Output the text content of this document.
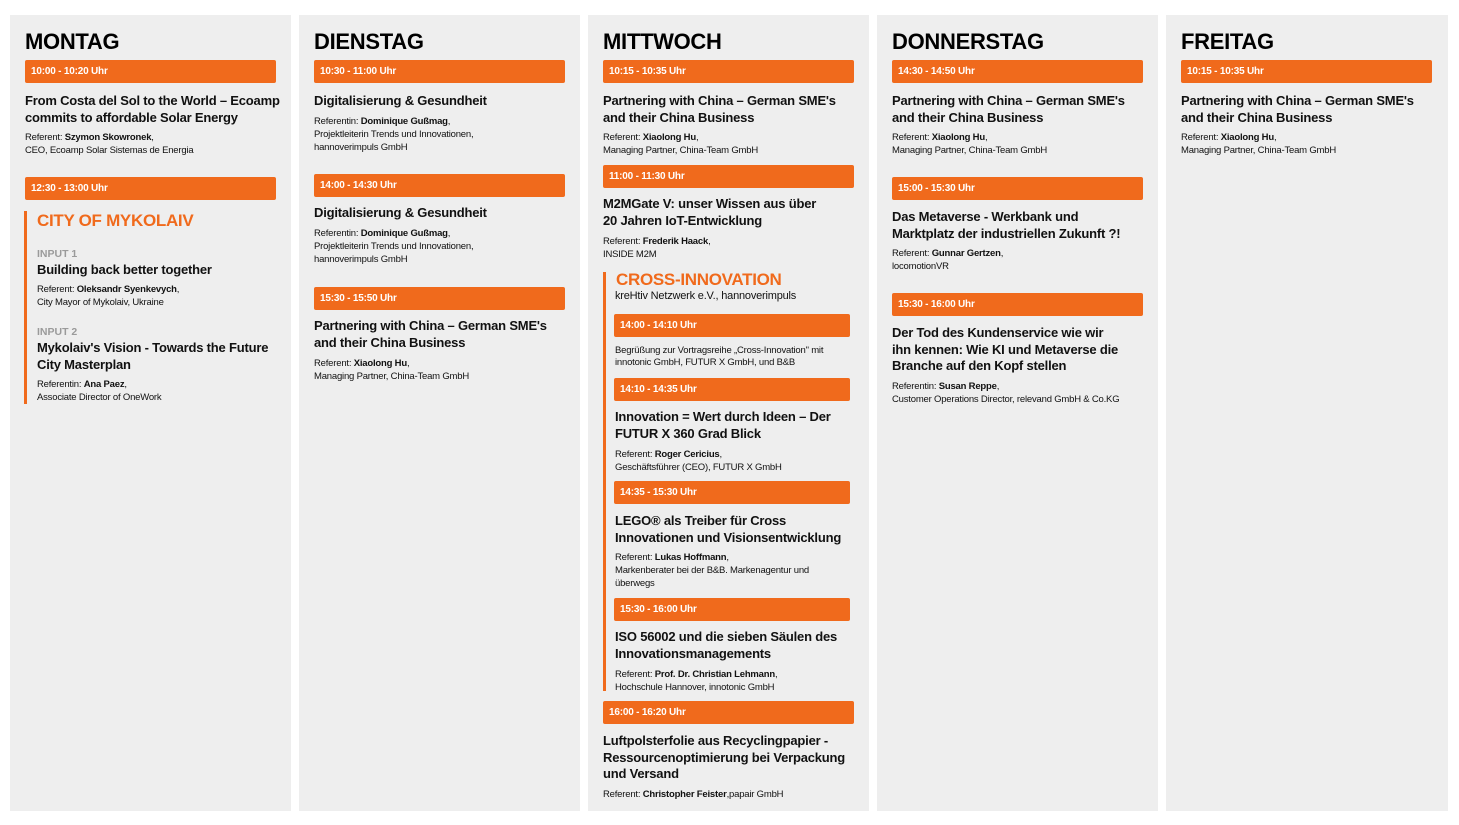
MONTAG
10:00 - 10:20 Uhr
From Costa del Sol to the World – Ecoamp
commits to affordable Solar Energy
Referent: Szymon Skowronek,
CEO, Ecoamp Solar Sistemas de Energia
12:30 - 13:00 Uhr
CITY OF MYKOLAIV
INPUT 1
Building back better together
Referent: Oleksandr Syenkevych,
City Mayor of Mykolaiv, Ukraine
INPUT 2
Mykolaiv's Vision - Towards the Future
City Masterplan
Referentin: Ana Paez,
Associate Director of OneWork
DIENSTAG
10:30 - 11:00 Uhr
Digitalisierung & Gesundheit
Referentin: Dominique Gußmag,
Projektleiterin Trends und Innovationen,
hannoverimpuls GmbH
14:00 - 14:30 Uhr
Digitalisierung & Gesundheit
Referentin: Dominique Gußmag,
Projektleiterin Trends und Innovationen,
hannoverimpuls GmbH
15:30 - 15:50 Uhr
Partnering with China – German SME's
and their China Business
Referent: Xiaolong Hu,
Managing Partner, China-Team GmbH
MITTWOCH
10:15 - 10:35 Uhr
Partnering with China – German SME's
and their China Business
Referent: Xiaolong Hu,
Managing Partner, China-Team GmbH
11:00 - 11:30 Uhr
M2MGate V: unser Wissen aus über
20 Jahren IoT-Entwicklung
Referent: Frederik Haack,
INSIDE M2M
CROSS-INNOVATION
kreHtiv Netzwerk e.V., hannoverimpuls
14:00 - 14:10 Uhr
Begrüßung zur Vortragsreihe „Cross-Innovation" mit
innotonic GmbH, FUTUR X GmbH, und B&B
14:10 - 14:35 Uhr
Innovation = Wert durch Ideen – Der
FUTUR X 360 Grad Blick
Referent: Roger Cericius,
Geschäftsführer (CEO), FUTUR X GmbH
14:35 - 15:30 Uhr
LEGO® als Treiber für Cross
Innovationen und Visionsentwicklung
Referent: Lukas Hoffmann,
Markenberater bei der B&B. Markenagentur und
überwegs
15:30 - 16:00 Uhr
ISO 56002 und die sieben Säulen des
Innovationsmanagements
Referent: Prof. Dr. Christian Lehmann,
Hochschule Hannover, innotonic GmbH
16:00 - 16:20 Uhr
Luftpolsterfolie aus Recyclingpapier -
Ressourcenoptimierung bei Verpackung
und Versand
Referent: Christopher Feister,papair GmbH
DONNERSTAG
14:30 - 14:50 Uhr
Partnering with China – German SME's
and their China Business
Referent: Xiaolong Hu,
Managing Partner, China-Team GmbH
15:00 - 15:30 Uhr
Das Metaverse - Werkbank und
Marktplatz der industriellen Zukunft ?!
Referent: Gunnar Gertzen,
locomotionVR
15:30 - 16:00 Uhr
Der Tod des Kundenservice wie wir
ihn kennen: Wie KI und Metaverse die
Branche auf den Kopf stellen
Referentin: Susan Reppe,
Customer Operations Director, relevand GmbH & Co.KG
FREITAG
10:15 - 10:35 Uhr
Partnering with China – German SME's
and their China Business
Referent: Xiaolong Hu,
Managing Partner, China-Team GmbH
